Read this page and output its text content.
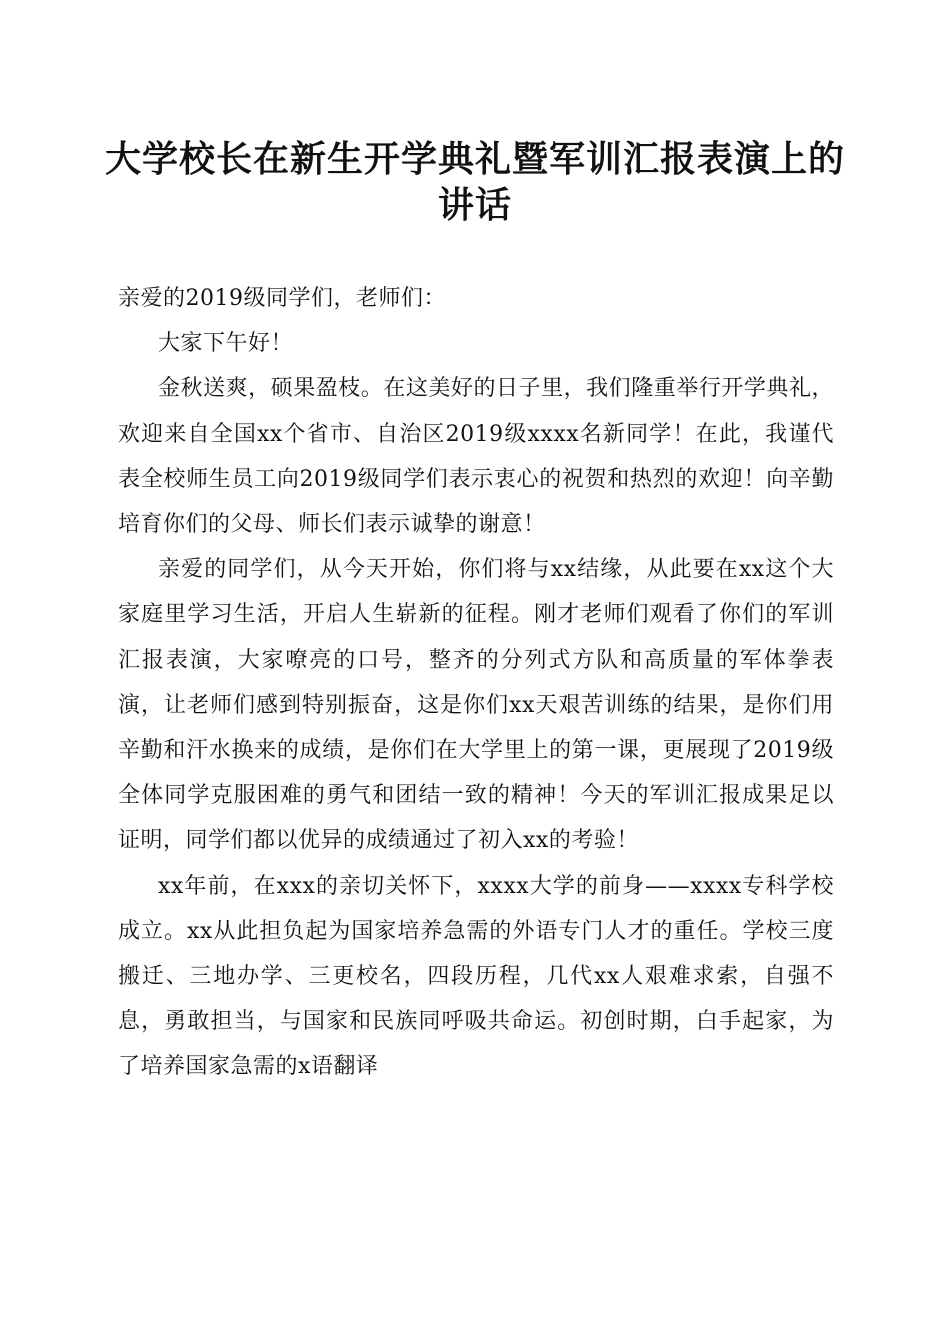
大学校长在新生开学典礼暨军训汇报表演上的讲话

亲爱的2019级同学们，老师们：

大家下午好！

金秋送爽，硕果盈枝。在这美好的日子里，我们隆重举行开学典礼，欢迎来自全国xx个省市、自治区2019级xxxx名新同学！在此，我谨代表全校师生员工向2019级同学们表示衷心的祝贺和热烈的欢迎！向辛勤培育你们的父母、师长们表示诚挚的谢意！

亲爱的同学们，从今天开始，你们将与xx结缘，从此要在xx这个大家庭里学习生活，开启人生崭新的征程。刚才老师们观看了你们的军训汇报表演，大家嘹亮的口号，整齐的分列式方队和高质量的军体拳表演，让老师们感到特别振奋，这是你们xx天艰苦训练的结果，是你们用辛勤和汗水换来的成绩，是你们在大学里上的第一课，更展现了2019级全体同学克服困难的勇气和团结一致的精神！今天的军训汇报成果足以证明，同学们都以优异的成绩通过了初入xx的考验！

xx年前，在xxx的亲切关怀下，xxxx大学的前身——xxxx专科学校成立。xx从此担负起为国家培养急需的外语专门人才的重任。学校三度搬迁、三地办学、三更校名，四段历程，几代xx人艰难求索，自强不息，勇敢担当，与国家和民族同呼吸共命运。初创时期，白手起家，为了培养国家急需的x语翻译
